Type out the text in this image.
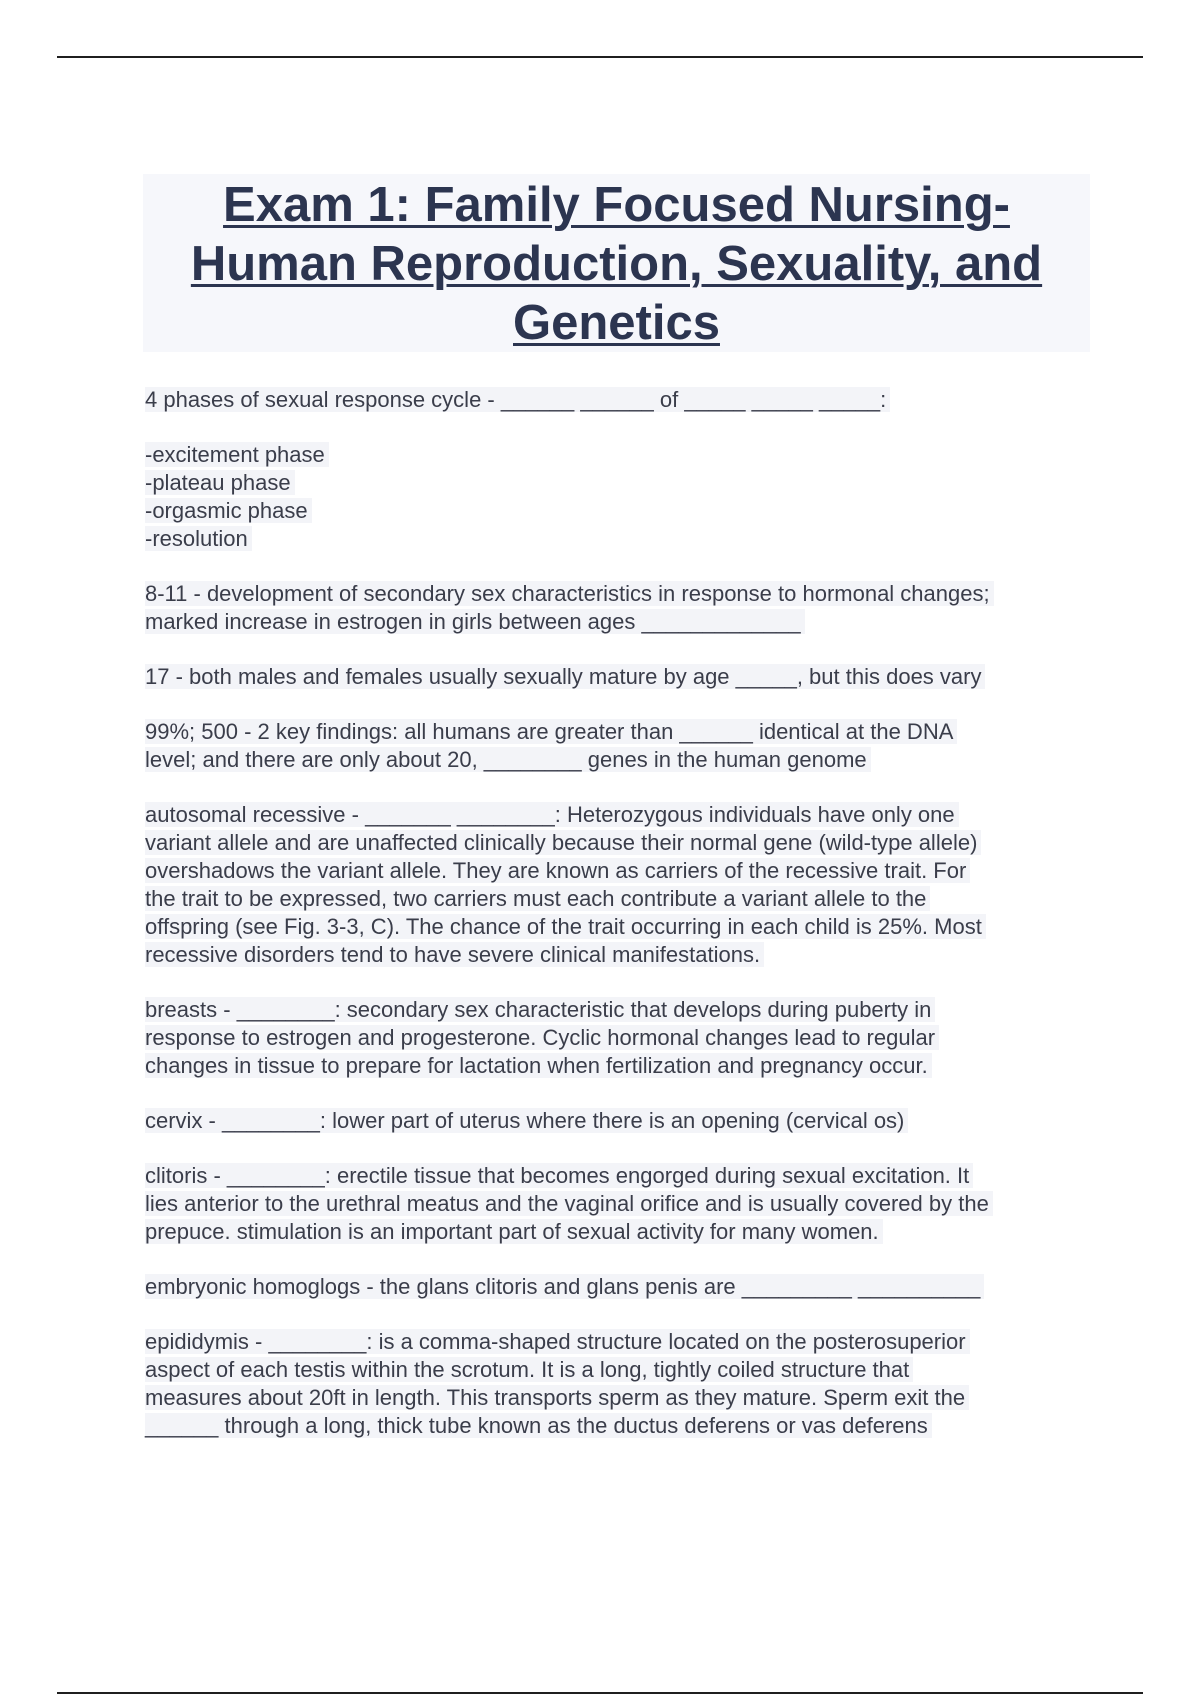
Exam 1: Family Focused Nursing-
Human Reproduction, Sexuality, and
Genetics
4 phases of sexual response cycle - ______ ______ of _____ _____ _____:
-excitement phase
-plateau phase
-orgasmic phase
-resolution
8-11 - development of secondary sex characteristics in response to hormonal changes;
marked increase in estrogen in girls between ages _____________
17 - both males and females usually sexually mature by age _____, but this does vary
99%; 500 - 2 key findings: all humans are greater than ______ identical at the DNA
level; and there are only about 20, ________ genes in the human genome
autosomal recessive - _______ ________: Heterozygous individuals have only one
variant allele and are unaffected clinically because their normal gene (wild-type allele)
overshadows the variant allele. They are known as carriers of the recessive trait. For
the trait to be expressed, two carriers must each contribute a variant allele to the
offspring (see Fig. 3-3, C). The chance of the trait occurring in each child is 25%. Most
recessive disorders tend to have severe clinical manifestations.
breasts - ________: secondary sex characteristic that develops during puberty in
response to estrogen and progesterone. Cyclic hormonal changes lead to regular
changes in tissue to prepare for lactation when fertilization and pregnancy occur.
cervix - ________: lower part of uterus where there is an opening (cervical os)
clitoris - ________: erectile tissue that becomes engorged during sexual excitation. It
lies anterior to the urethral meatus and the vaginal orifice and is usually covered by the
prepuce. stimulation is an important part of sexual activity for many women.
embryonic homoglogs - the glans clitoris and glans penis are _________ __________
epididymis - ________: is a comma-shaped structure located on the posterosuperior
aspect of each testis within the scrotum. It is a long, tightly coiled structure that
measures about 20ft in length. This transports sperm as they mature. Sperm exit the
______ through a long, thick tube known as the ductus deferens or vas deferens
